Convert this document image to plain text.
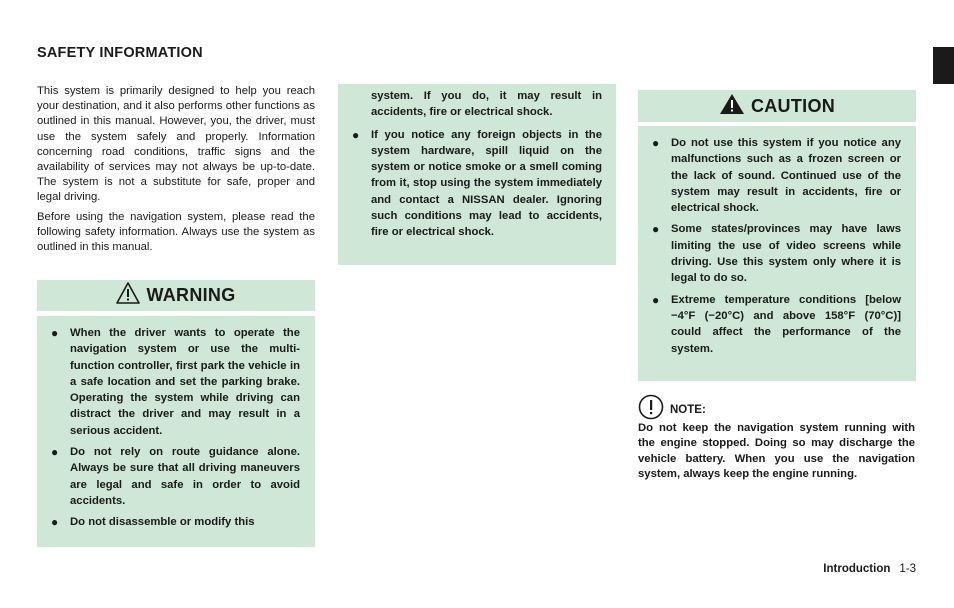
SAFETY INFORMATION

This system is primarily designed to help you reach your destination, and it also performs other functions as outlined in this manual. However, you, the driver, must use the system safely and properly. Information concerning road conditions, traffic signs and the availability of services may not always be up-to-date. The system is not a substitute for safe, proper and legal driving.

Before using the navigation system, please read the following safety information. Always use the system as outlined in this manual.

WARNING
● When the driver wants to operate the navigation system or use the multi-function controller, first park the vehicle in a safe location and set the parking brake. Operating the system while driving can distract the driver and may result in a serious accident.
● Do not rely on route guidance alone. Always be sure that all driving maneuvers are legal and safe in order to avoid accidents.
● Do not disassemble or modify this
system. If you do, it may result in accidents, fire or electrical shock.
● If you notice any foreign objects in the system hardware, spill liquid on the system or notice smoke or a smell coming from it, stop using the system immediately and contact a NISSAN dealer. Ignoring such conditions may lead to accidents, fire or electrical shock.
CAUTION
● Do not use this system if you notice any malfunctions such as a frozen screen or the lack of sound. Continued use of the system may result in accidents, fire or electrical shock.
● Some states/provinces may have laws limiting the use of video screens while driving. Use this system only where it is legal to do so.
● Extreme temperature conditions [below −4°F (−20°C) and above 158°F (70°C)] could affect the performance of the system.
NOTE:
Do not keep the navigation system running with the engine stopped. Doing so may discharge the vehicle battery. When you use the navigation system, always keep the engine running.
Introduction 1-3
